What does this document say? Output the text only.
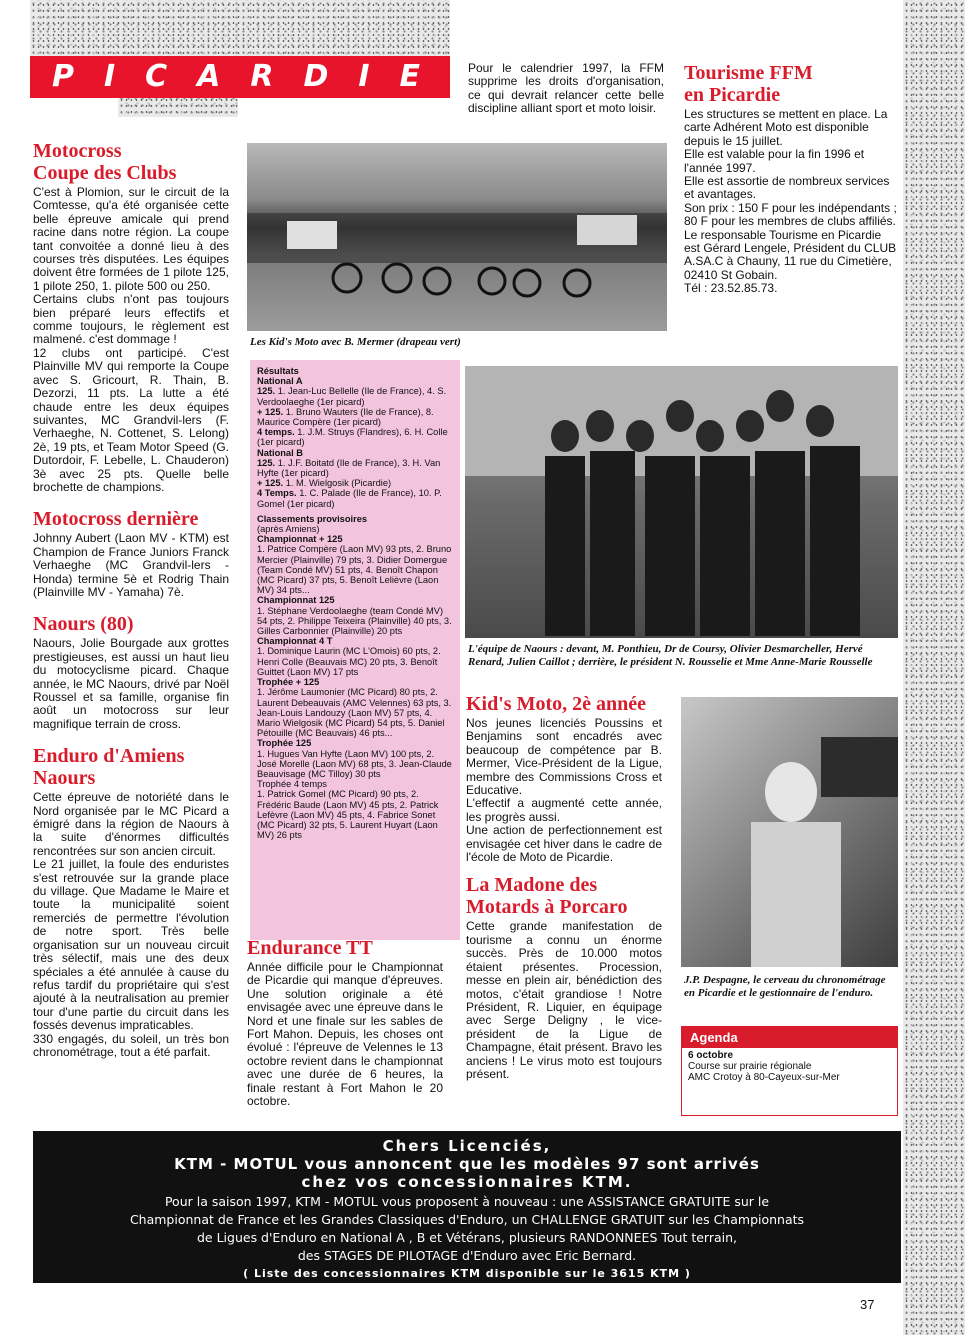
PICARDIE
Motocross
Coupe des Clubs
C'est à Plomion, sur le circuit de la Comtesse, qu'a été organisée cette belle épreuve amicale qui prend racine dans notre région. La coupe tant convoitée a donné lieu à des courses très disputées. Les équipes doivent être formées de 1 pilote 125, 1 pilote 250, 1. pilote 500 ou 250.
Certains clubs n'ont pas toujours bien préparé leurs effectifs et comme toujours, le règlement est malmené. c'est dommage !
12 clubs ont participé. C'est Plainville MV qui remporte la Coupe avec S. Gricourt, R. Thain, B. Dezorzi, 11 pts. La lutte a été chaude entre les deux équipes suivantes, MC Grandvil-lers (F. Verhaeghe, N. Cottenet, S. Lelong) 2è, 19 pts, et Team Motor Speed (G. Dutordoir, F. Lebelle, L. Chauderon) 3è avec 25 pts. Quelle belle brochette de champions.
Motocross dernière
Johnny Aubert (Laon MV - KTM) est Champion de France Juniors Franck Verhaeghe (MC Grandvil-lers - Honda) termine 5è et Rodrig Thain (Plainville MV - Yamaha) 7è.
Naours (80)
Naours, Jolie Bourgade aux grottes prestigieuses, est aussi un haut lieu du motocyclisme picard. Chaque année, le MC Naours, drivé par Noël Roussel et sa famille, organise fin août un motocross sur leur magnifique terrain de cross.
Enduro d'Amiens
Naours
Cette épreuve de notoriété dans le Nord organisée par le MC Picard a émigré dans la région de Naours à la suite d'énormes difficultés rencontrées sur son ancien circuit.
Le 21 juillet, la foule des enduristes s'est retrouvée sur la grande place du village. Que Madame le Maire et toute la municipalité soient remerciés de permettre l'évolution de notre sport. Très belle organisation sur un nouveau circuit très sélectif, mais une des deux spéciales a été annulée à cause du refus tardif du propriétaire qui s'est ajouté à la neutralisation au premier tour d'une partie du circuit dans les fossés devenus impraticables.
330 engagés, du soleil, un très bon chronométrage, tout a été parfait.
Pour le calendrier 1997, la FFM supprime les droits d'organisation, ce qui devrait relancer cette belle discipline alliant sport et moto loisir.
Les Kid's Moto avec B. Mermer (drapeau vert)
Résultats
National A
125. 1. Jean-Luc Bellelle (Ile de France), 4. S. Verdoolaeghe (1er picard)
+ 125. 1. Bruno Wauters (Ile de France), 8. Maurice Compère (1er picard)
4 temps. 1. J.M. Struys (Flandres), 6. H. Colle (1er picard)
National B
125. 1. J.F. Boitatd (Ile de France), 3. H. Van Hyfte (1er picard)
+ 125. 1. M. Wielgosik (Picardie)
4 Temps. 1. C. Palade (Ile de France), 10. P. Gomel (1er picard)
Classements provisoires
(après Amiens)
Championnat + 125
1. Patrice Compère (Laon MV) 93 pts, 2. Bruno Mercier (Plainville) 79 pts, 3. Didier Domergue (Team Condé MV) 51 pts, 4. Benoît Chapon (MC Picard) 37 pts, 5. Benoît Lelièvre (Laon MV) 34 pts...
Championnat 125
1. Stéphane Verdoolaeghe (team Condé MV) 54 pts, 2. Philippe Teixeira (Plainville) 40 pts, 3. Gilles Carbonnier (Plainville) 20 pts
Championnat 4 T
1. Dominique Laurin (MC L'Omois) 60 pts, 2. Henri Colle (Beauvais MC) 20 pts, 3. Benoît Guittet (Laon MV) 17 pts
Trophée + 125
1. Jérôme Laumonier (MC Picard) 80 pts, 2. Laurent Debeauvais (AMC Velennes) 63 pts, 3. Jean-Louis Landouzy (Laon MV) 57 pts, 4. Mario Wielgosik (MC Picard) 54 pts, 5. Daniel Pétouille (MC Beauvais) 46 pts...
Trophée 125
1. Hugues Van Hyfte (Laon MV) 100 pts, 2. José Morelle (Laon MV) 68 pts, 3. Jean-Claude Beauvisage (MC Tilloy) 30 pts
Trophée 4 temps
1. Patrick Gomel (MC Picard) 90 pts, 2. Frédéric Baude (Laon MV) 45 pts, 2. Patrick Lefèvre (Laon MV) 45 pts, 4. Fabrice Sonet (MC Picard) 32 pts, 5. Laurent Huyart (Laon MV) 26 pts
Endurance TT
Année difficile pour le Championnat de Picardie qui manque d'épreuves. Une solution originale a été envisagée avec une épreuve dans le Nord et une finale sur les sables de Fort Mahon. Depuis, les choses ont évolué : l'épreuve de Velennes le 13 octobre revient dans le championnat avec une durée de 6 heures, la finale restant à Fort Mahon le 20 octobre.
Tourisme FFM
en Picardie
Les structures se mettent en place. La carte Adhérent Moto est disponible depuis le 15 juillet.
Elle est valable pour la fin 1996 et l'année 1997.
Elle est assortie de nombreux services et avantages.
Son prix : 150 F pour les indépendants ; 80 F pour les membres de clubs affiliés.
Le responsable Tourisme en Picardie est Gérard Lengele, Président du CLUB A.SA.C à Chauny, 11 rue du Cimetière, 02410 St Gobain.
Tél : 23.52.85.73.
L'équipe de Naours : devant, M. Ponthieu, Dr de Coursy, Olivier Desmarcheller, Hervé Renard, Julien Caillot ; derrière, le président N. Rousselie et Mme Anne-Marie Rousselle
Kid's Moto, 2è année
Nos jeunes licenciés Poussins et Benjamins sont encadrés avec beaucoup de compétence par B. Mermer, Vice-Président de la Ligue, membre des Commissions Cross et Educative.
L'effectif a augmenté cette année, les progrès aussi.
Une action de perfectionnement est envisagée cet hiver dans le cadre de l'école de Moto de Picardie.
La Madone des
Motards à Porcaro
Cette grande manifestation de tourisme a connu un énorme succès. Près de 10.000 motos étaient présentes. Procession, messe en plein air, bénédiction des motos, c'était grandiose ! Notre Président, R. Liquier, en équipage avec Serge Deligny , le vice-président de la Ligue de Champagne, était présent. Bravo les anciens ! Le virus moto est toujours présent.
J.P. Despagne, le cerveau du chronométrage en Picardie et le gestionnaire de l'enduro.
Agenda
6 octobre
Course sur prairie régionale
AMC Crotoy à 80-Cayeux-sur-Mer
Chers Licenciés,
KTM - MOTUL vous annoncent que les modèles 97 sont arrivés
chez vos concessionnaires KTM.
Pour la saison 1997, KTM - MOTUL vous proposent à nouveau : une ASSISTANCE GRATUITE sur le
Championnat de France et les Grandes Classiques d'Enduro, un CHALLENGE GRATUIT sur les Championnats
de Ligues d'Enduro en National A , B et Vétérans, plusieurs RANDONNEES Tout terrain,
des STAGES DE PILOTAGE d'Enduro avec Eric Bernard.
( Liste des concessionnaires KTM disponible sur le 3615 KTM )
37
